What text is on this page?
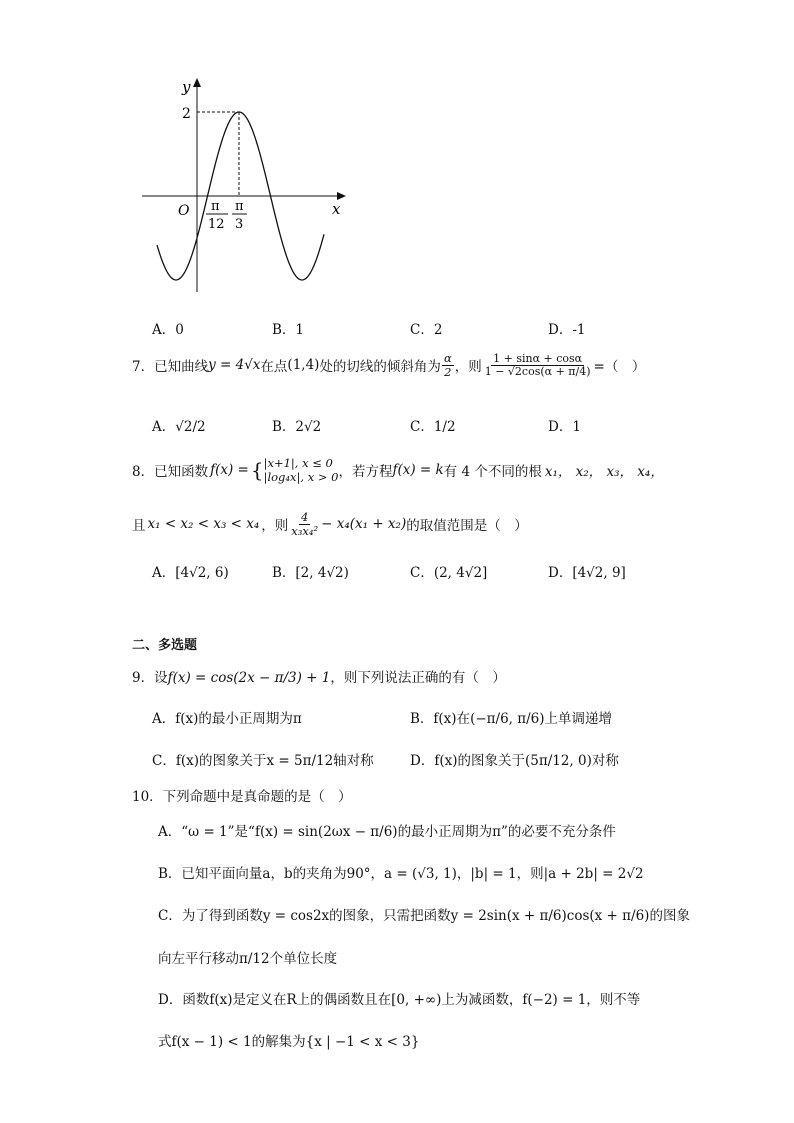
y
x
O
2
π
12
π
3
A．0	B．1	C．2	D．-1
7．已知曲线 y = 4√x 在点 (1,4) 处的切线的倾斜角为 $\frac{\alpha}{2}$ ，则 $\frac{1 + \sin\alpha + \cos\alpha}{1 - √2\cos(\alpha + \pi/4)}$ =（　）
A．√2/2	B．2√2	C．1/2	D．1
8．已知函数 f(x) = { |x+1|, x ≤ 0
|log₄x|, x > 0 ，若方程 f(x) = k 有 4 个不同的根 x₁， x₂， x₃， x₄，
且 x₁ < x₂ < x₃ < x₄ ，则 $\frac{4}{\text{x₃x₄²}} - x_4(x_1 + x_2)$ 的取值范围是（　）
A．[4√2, 6)	B．[2, 4√2)	C．(2, 4√2]	D．[4√2, 9]
二、多选题
9．设f(x) = cos(2x − π/3) + 1，则下列说法正确的有（　）
A．f(x)的最小正周期为π	B．f(x)在(−π/6, π/6)上单调递增
C．f(x)的图象关于x = 5π/12轴对称	D．f(x)的图象关于(5π/12, 0)对称
10．下列命题中是真命题的是（　）
A．“ω = 1”是“f(x) = sin(2ωx − π/6)的最小正周期为π”的必要不充分条件
B．已知平面向量a，b的夹角为90°，a = (√3, 1)，|b| = 1，则|a + 2b| = 2√2
C．为了得到函数y = cos2x的图象，只需把函数y = 2sin(x + π/6)cos(x + π/6)的图象
向左平行移动π/12个单位长度
D．函数f(x)是定义在R上的偶函数且在[0, +∞)上为减函数，f(−2) = 1，则不等
式f(x − 1) < 1的解集为{x | −1 < x < 3}
